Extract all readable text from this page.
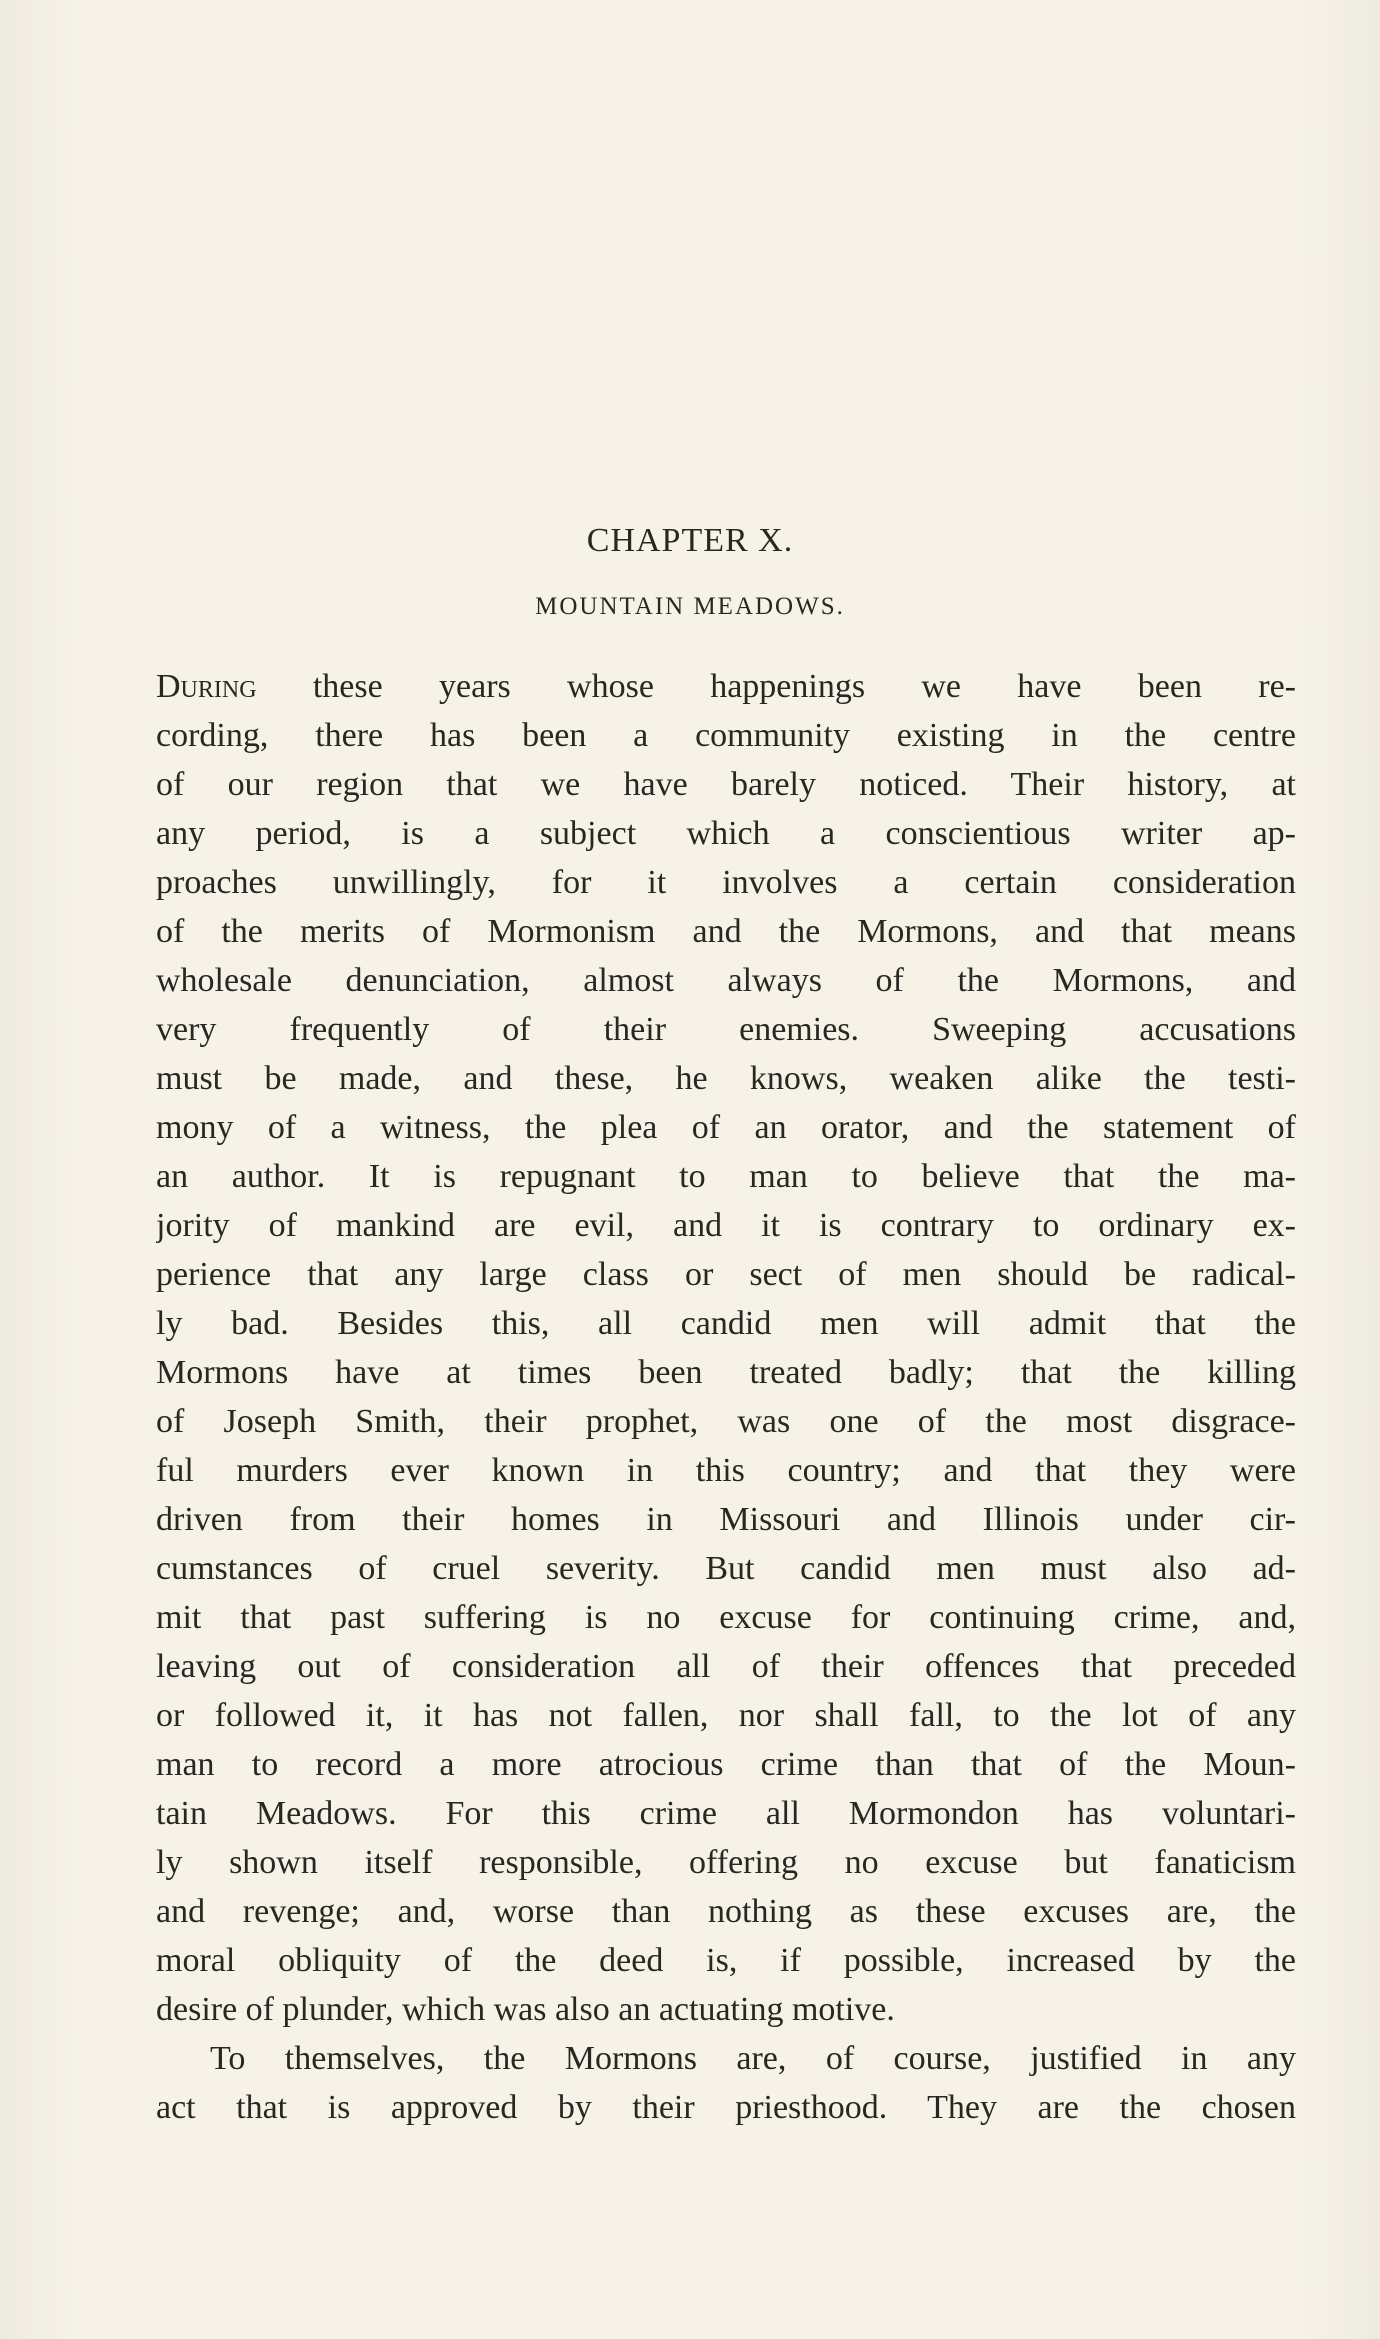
CHAPTER X.
MOUNTAIN MEADOWS.
During these years whose happenings we have been re-
cording, there has been a community existing in the centre
of our region that we have barely noticed. Their history, at
any period, is a subject which a conscientious writer ap-
proaches unwillingly, for it involves a certain consideration
of the merits of Mormonism and the Mormons, and that means
wholesale denunciation, almost always of the Mormons, and
very frequently of their enemies. Sweeping accusations
must be made, and these, he knows, weaken alike the testi-
mony of a witness, the plea of an orator, and the statement of
an author. It is repugnant to man to believe that the ma-
jority of mankind are evil, and it is contrary to ordinary ex-
perience that any large class or sect of men should be radical-
ly bad. Besides this, all candid men will admit that the
Mormons have at times been treated badly; that the killing
of Joseph Smith, their prophet, was one of the most disgrace-
ful murders ever known in this country; and that they were
driven from their homes in Missouri and Illinois under cir-
cumstances of cruel severity. But candid men must also ad-
mit that past suffering is no excuse for continuing crime, and,
leaving out of consideration all of their offences that preceded
or followed it, it has not fallen, nor shall fall, to the lot of any
man to record a more atrocious crime than that of the Moun-
tain Meadows. For this crime all Mormondon has voluntari-
ly shown itself responsible, offering no excuse but fanaticism
and revenge; and, worse than nothing as these excuses are, the
moral obliquity of the deed is, if possible, increased by the
desire of plunder, which was also an actuating motive.
To themselves, the Mormons are, of course, justified in any
act that is approved by their priesthood. They are the chosen
